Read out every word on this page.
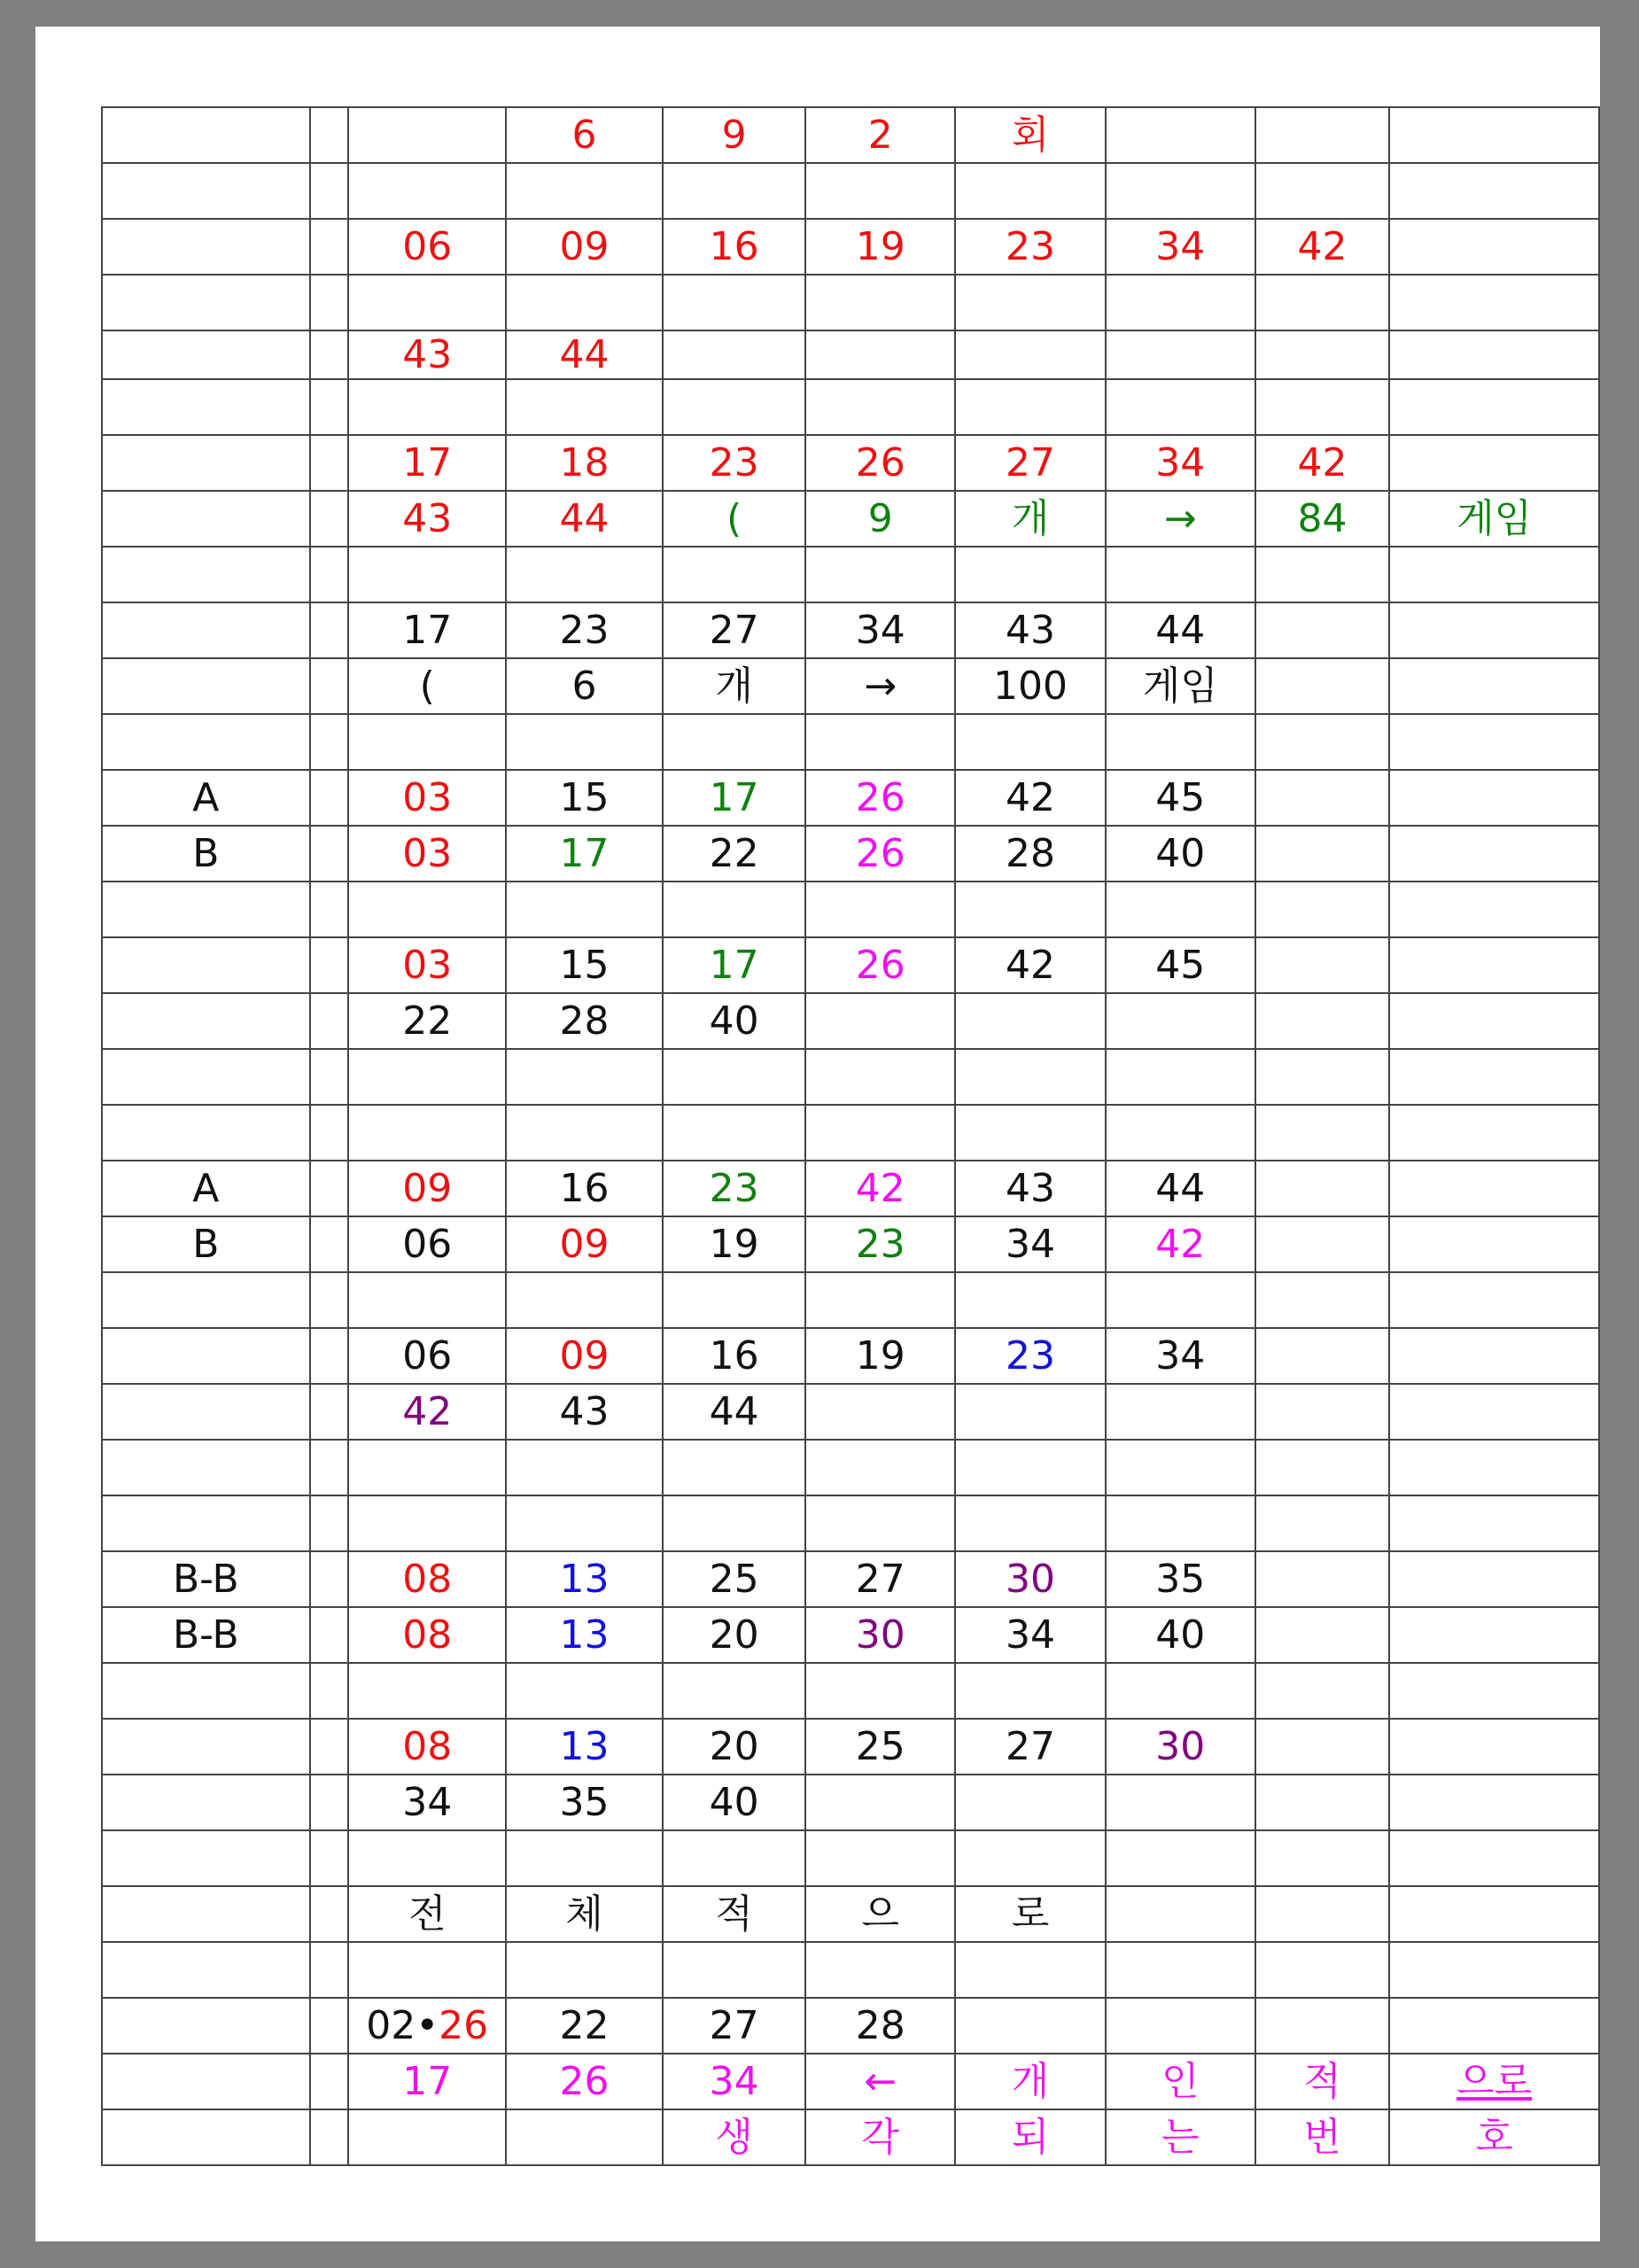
			6	9	2	회			

		06	09	16	19	23	34	42	

		43	44						

		17	18	23	26	27	34	42	
		43	44	(	9	개	→	84	게임

		17	23	27	34	43	44		
		(	6	개	→	100	게임		

A		03	15	17	26	42	45		
B		03	17	22	26	28	40		

		03	15	17	26	42	45		
		22	28	40					

A		09	16	23	42	43	44		
B		06	09	19	23	34	42		

		06	09	16	19	23	34		
		42	43	44					

B-B		08	13	25	27	30	35		
B-B		08	13	20	30	34	40		

		08	13	20	25	27	30		
		34	35	40					

		전	체	적	으	로			

		02•26	22	27	28				
		17	26	34	←	개	인	적	으로
				생	각	되	는	번	호
